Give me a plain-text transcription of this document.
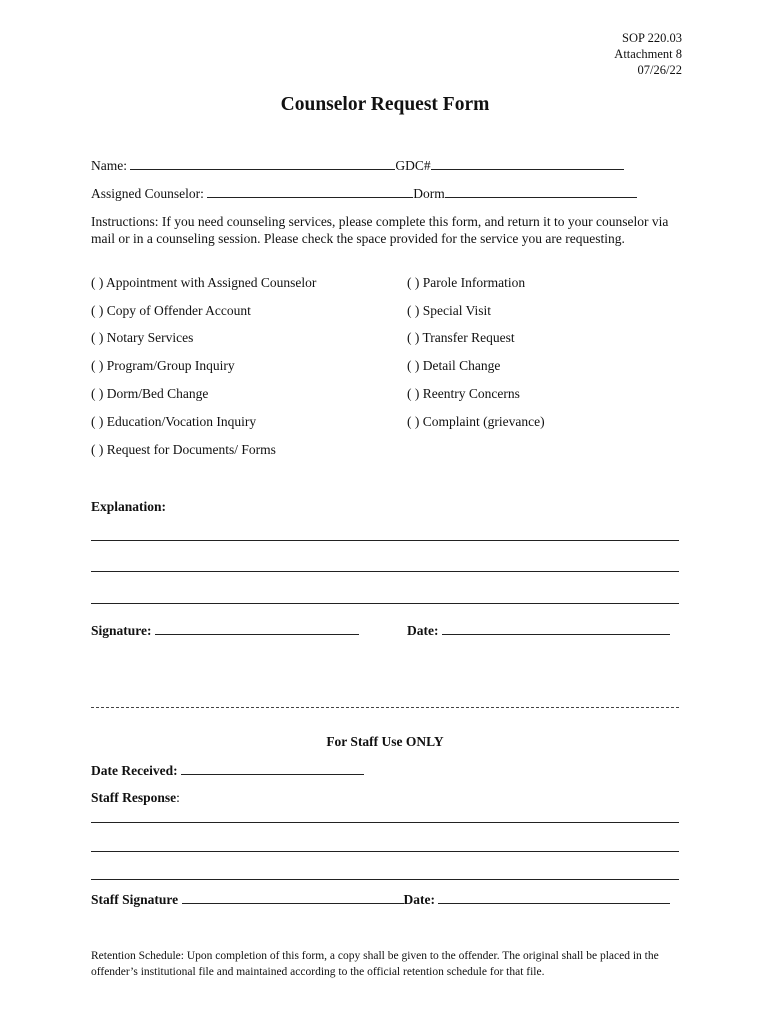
SOP 220.03
Attachment 8
07/26/22
Counselor Request Form
Name:	GDC#
Assigned Counselor:	Dorm
Instructions: If you need counseling services, please complete this form, and return it to your counselor via mail or in a counseling session. Please check the space provided for the service you are requesting.
( ) Appointment with Assigned Counselor
( ) Copy of Offender Account
( ) Notary Services
( ) Program/Group Inquiry
( ) Dorm/Bed Change
( ) Education/Vocation Inquiry
( ) Request for Documents/ Forms
( ) Parole Information
( ) Special Visit
( ) Transfer Request
( ) Detail Change
( ) Reentry Concerns
( ) Complaint (grievance)
Explanation:
Signature:	Date:
For Staff Use ONLY
Date Received:
Staff Response:
Staff Signature	Date:
Retention Schedule: Upon completion of this form, a copy shall be given to the offender. The original shall be placed in the offender’s institutional file and maintained according to the official retention schedule for that file.
